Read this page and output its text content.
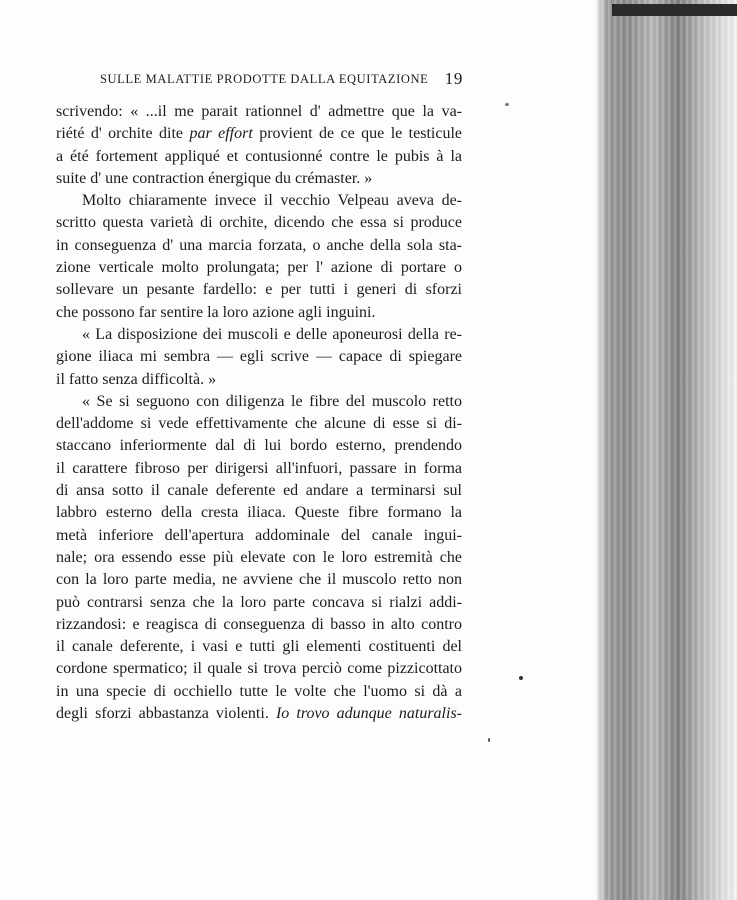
SULLE MALATTIE PRODOTTE DALLA EQUITAZIONE 19
scrivendo: « ...il me parait rationnel d' admettre que la va-
riété d' orchite dite par effort provient de ce que le testicule
a été fortement appliqué et contusionné contre le pubis à la
suite d' une contraction énergique du crémaster. »
Molto chiaramente invece il vecchio Velpeau aveva de-
scritto questa varietà di orchite, dicendo che essa si produce
in conseguenza d' una marcia forzata, o anche della sola sta-
zione verticale molto prolungata; per l' azione di portare o
sollevare un pesante fardello: e per tutti i generi di sforzi
che possono far sentire la loro azione agli inguini.
« La disposizione dei muscoli e delle aponeurosi della re-
gione iliaca mi sembra — egli scrive — capace di spiegare
il fatto senza difficoltà. »
« Se si seguono con diligenza le fibre del muscolo retto
dell'addome si vede effettivamente che alcune di esse si di-
staccano inferiormente dal di lui bordo esterno, prendendo
il carattere fibroso per dirigersi all'infuori, passare in forma
di ansa sotto il canale deferente ed andare a terminarsi sul
labbro esterno della cresta iliaca. Queste fibre formano la
metà inferiore dell'apertura addominale del canale ingui-
nale; ora essendo esse più elevate con le loro estremità che
con la loro parte media, ne avviene che il muscolo retto non
può contrarsi senza che la loro parte concava si rialzi addi-
rizzandosi: e reagisca di conseguenza di basso in alto contro
il canale deferente, i vasi e tutti gli elementi costituenti del
cordone spermatico; il quale si trova perciò come pizzicottato
in una specie di occhiello tutte le volte che l'uomo si dà a
degli sforzi abbastanza violenti. Io trovo adunque naturalis-
